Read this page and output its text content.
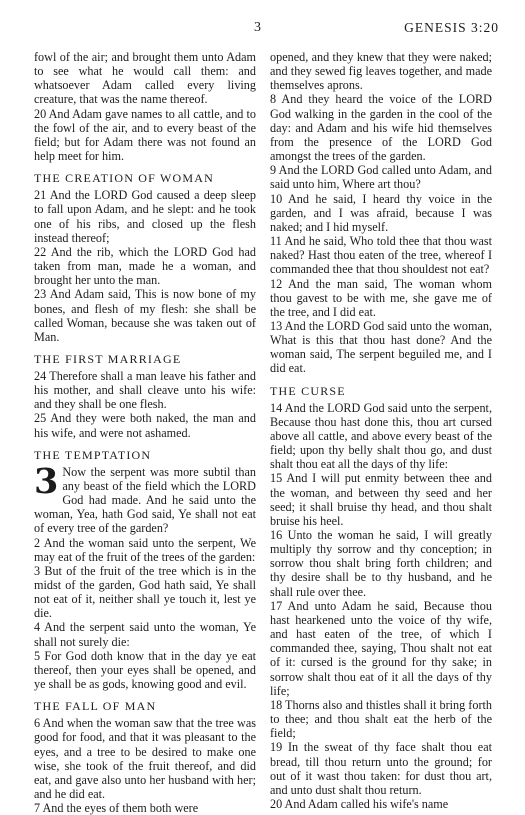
3	GENESIS 3:20

fowl of the air; and brought them unto Adam to see what he would call them: and whatsoever Adam called every living creature, that was the name thereof.

20 And Adam gave names to all cattle, and to the fowl of the air, and to every beast of the field; but for Adam there was not found an help meet for him.

THE CREATION OF WOMAN

21 And the LORD God caused a deep sleep to fall upon Adam, and he slept: and he took one of his ribs, and closed up the flesh instead thereof;

22 And the rib, which the LORD God had taken from man, made he a woman, and brought her unto the man.

23 And Adam said, This is now bone of my bones, and flesh of my flesh: she shall be called Woman, because she was taken out of Man.

THE FIRST MARRIAGE

24 Therefore shall a man leave his father and his mother, and shall cleave unto his wife: and they shall be one flesh.

25 And they were both naked, the man and his wife, and were not ashamed.

THE TEMPTATION

3 Now the serpent was more subtil than any beast of the field which the LORD God had made. And he said unto the woman, Yea, hath God said, Ye shall not eat of every tree of the garden?

2 And the woman said unto the serpent, We may eat of the fruit of the trees of the garden:

3 But of the fruit of the tree which is in the midst of the garden, God hath said, Ye shall not eat of it, neither shall ye touch it, lest ye die.

4 And the serpent said unto the woman, Ye shall not surely die:

5 For God doth know that in the day ye eat thereof, then your eyes shall be opened, and ye shall be as gods, knowing good and evil.

THE FALL OF MAN

6 And when the woman saw that the tree was good for food, and that it was pleasant to the eyes, and a tree to be desired to make one wise, she took of the fruit thereof, and did eat, and gave also unto her husband with her; and he did eat.

7 And the eyes of them both were

opened, and they knew that they were naked; and they sewed fig leaves together, and made themselves aprons.

8 And they heard the voice of the LORD God walking in the garden in the cool of the day: and Adam and his wife hid themselves from the presence of the LORD God amongst the trees of the garden.

9 And the LORD God called unto Adam, and said unto him, Where art thou?

10 And he said, I heard thy voice in the garden, and I was afraid, because I was naked; and I hid myself.

11 And he said, Who told thee that thou wast naked? Hast thou eaten of the tree, whereof I commanded thee that thou shouldest not eat?

12 And the man said, The woman whom thou gavest to be with me, she gave me of the tree, and I did eat.

13 And the LORD God said unto the woman, What is this that thou hast done? And the woman said, The serpent beguiled me, and I did eat.

THE CURSE

14 And the LORD God said unto the serpent, Because thou hast done this, thou art cursed above all cattle, and above every beast of the field; upon thy belly shalt thou go, and dust shalt thou eat all the days of thy life:

15 And I will put enmity between thee and the woman, and between thy seed and her seed; it shall bruise thy head, and thou shalt bruise his heel.

16 Unto the woman he said, I will greatly multiply thy sorrow and thy conception; in sorrow thou shalt bring forth children; and thy desire shall be to thy husband, and he shall rule over thee.

17 And unto Adam he said, Because thou hast hearkened unto the voice of thy wife, and hast eaten of the tree, of which I commanded thee, saying, Thou shalt not eat of it: cursed is the ground for thy sake; in sorrow shalt thou eat of it all the days of thy life;

18 Thorns also and thistles shall it bring forth to thee; and thou shalt eat the herb of the field;

19 In the sweat of thy face shalt thou eat bread, till thou return unto the ground; for out of it wast thou taken: for dust thou art, and unto dust shalt thou return.

20 And Adam called his wife's name
